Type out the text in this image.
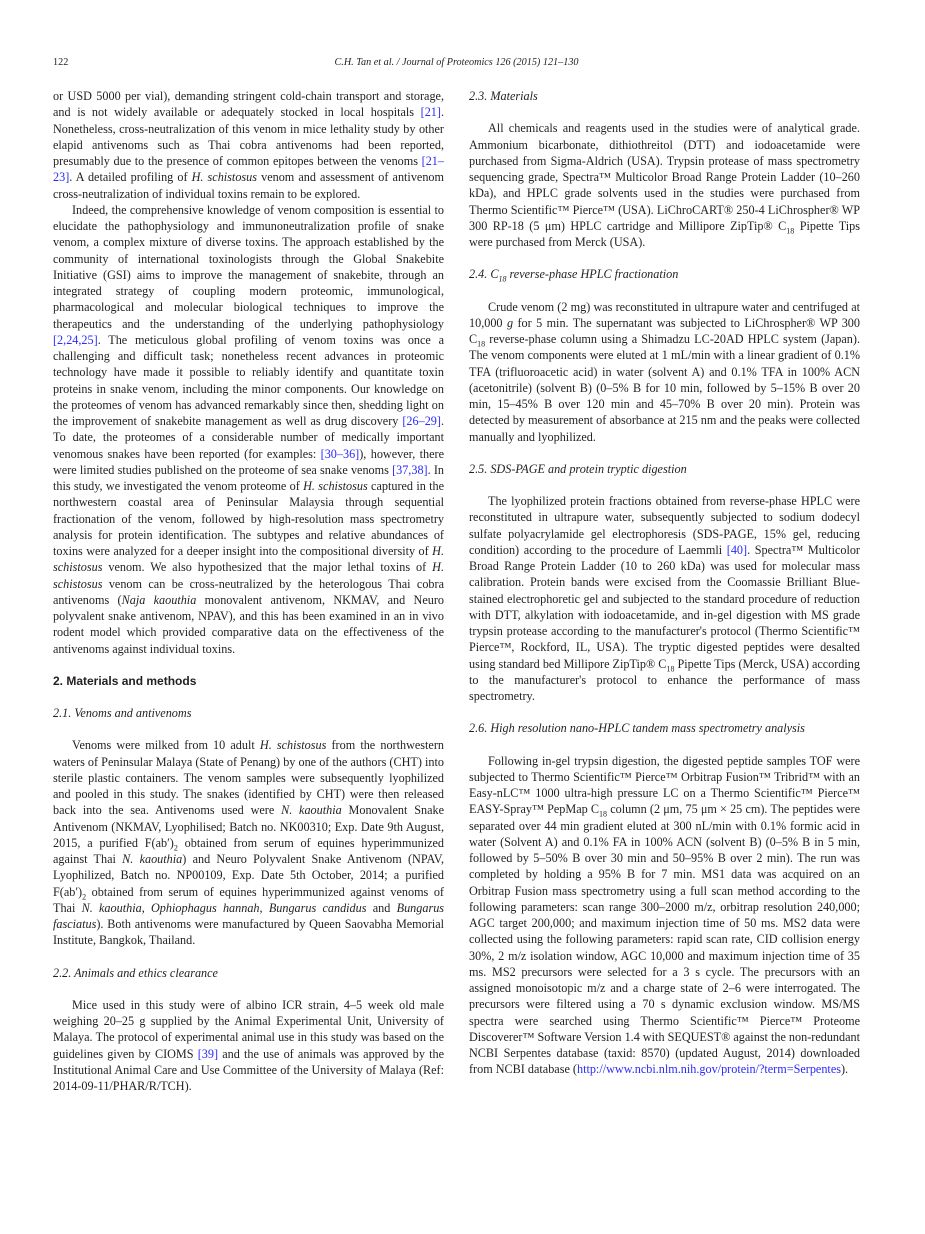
122	C.H. Tan et al. / Journal of Proteomics 126 (2015) 121–130

or USD 5000 per vial), demanding stringent cold-chain transport and storage, and is not widely available or adequately stocked in local hospitals [21]. Nonetheless, cross-neutralization of this venom in mice lethality study by other elapid antivenoms such as Thai cobra antivenoms had been reported, presumably due to the presence of common epitopes between the venoms [21–23]. A detailed profiling of H. schistosus venom and assessment of antivenom cross-neutralization of individual toxins remain to be explored.

Indeed, the comprehensive knowledge of venom composition is essential to elucidate the pathophysiology and immunoneutralization profile of snake venom, a complex mixture of diverse toxins. The approach established by the community of international toxinologists through the Global Snakebite Initiative (GSI) aims to improve the management of snakebite, through an integrated strategy of coupling modern proteomic, immunological, pharmacological and molecular biological techniques to improve the therapeutics and the understanding of the underlying pathophysiology [2,24,25]. The meticulous global profiling of venom toxins was once a challenging and difficult task; nonetheless recent advances in proteomic technology have made it possible to reliably identify and quantitate toxin proteins in snake venom, including the minor components. Our knowledge on the proteomes of venom has advanced remarkably since then, shedding light on the improvement of snakebite management as well as drug discovery [26–29]. To date, the proteomes of a considerable number of medically important venomous snakes have been reported (for examples: [30–36]), however, there were limited studies published on the proteome of sea snake venoms [37,38]. In this study, we investigated the venom proteome of H. schistosus captured in the northwestern coastal area of Peninsular Malaysia through sequential fractionation of the venom, followed by high-resolution mass spectrometry analysis for protein identification. The subtypes and relative abundances of toxins were analyzed for a deeper insight into the compositional diversity of H. schistosus venom. We also hypothesized that the major lethal toxins of H. schistosus venom can be cross-neutralized by the heterologous Thai cobra antivenoms (Naja kaouthia monovalent antivenom, NKMAV, and Neuro polyvalent snake antivenom, NPAV), and this has been examined in an in vivo rodent model which provided comparative data on the effectiveness of the antivenoms against individual toxins.

2. Materials and methods
2.1. Venoms and antivenoms

Venoms were milked from 10 adult H. schistosus from the northwestern waters of Peninsular Malaya (State of Penang) by one of the authors (CHT) into sterile plastic containers. The venom samples were subsequently lyophilized and pooled in this study. The snakes (identified by CHT) were then released back into the sea. Antivenoms used were N. kaouthia Monovalent Snake Antivenom (NKMAV, Lyophilised; Batch no. NK00310; Exp. Date 9th August, 2015, a purified $F(ab')_2$ obtained from serum of equines hyperimmunized against Thai N. kaouthia) and Neuro Polyvalent Snake Antivenom (NPAV, Lyophilized, Batch no. NP00109, Exp. Date 5th October, 2014; a purified $F(ab')_2$ obtained from serum of equines hyperimmunized against venoms of Thai N. kaouthia, Ophiophagus hannah, Bungarus candidus and Bungarus fasciatus). Both antivenoms were manufactured by Queen Saovabha Memorial Institute, Bangkok, Thailand.

2.2. Animals and ethics clearance

Mice used in this study were of albino ICR strain, 4–5 week old male weighing 20–25 g supplied by the Animal Experimental Unit, University of Malaya. The protocol of experimental animal use in this study was based on the guidelines given by CIOMS [39] and the use of animals was approved by the Institutional Animal Care and Use Committee of the University of Malaya (Ref: 2014-09-11/PHAR/R/TCH).

2.3. Materials

All chemicals and reagents used in the studies were of analytical grade. Ammonium bicarbonate, dithiothreitol (DTT) and iodoacetamide were purchased from Sigma-Aldrich (USA). Trypsin protease of mass spectrometry sequencing grade, Spectra™ Multicolor Broad Range Protein Ladder (10–260 kDa), and HPLC grade solvents used in the studies were purchased from Thermo Scientific™ Pierce™ (USA). LiChroCART® 250-4 LiChrospher® WP 300 RP-18 (5 μm) HPLC cartridge and Millipore ZipTip® $C_{18}$ Pipette Tips were purchased from Merck (USA).

2.4. $C_{18}$ reverse-phase HPLC fractionation

Crude venom (2 mg) was reconstituted in ultrapure water and centrifuged at 10,000 g for 5 min. The supernatant was subjected to LiChrospher® WP 300 $C_{18}$ reverse-phase column using a Shimadzu LC-20AD HPLC system (Japan). The venom components were eluted at 1 mL/min with a linear gradient of 0.1% TFA (trifluoroacetic acid) in water (solvent A) and 0.1% TFA in 100% ACN (acetonitrile) (solvent B) (0–5% B for 10 min, followed by 5–15% B over 20 min, 15–45% B over 120 min and 45–70% B over 20 min). Protein was detected by measurement of absorbance at 215 nm and the peaks were collected manually and lyophilized.

2.5. SDS-PAGE and protein tryptic digestion

The lyophilized protein fractions obtained from reverse-phase HPLC were reconstituted in ultrapure water, subsequently subjected to sodium dodecyl sulfate polyacrylamide gel electrophoresis (SDS-PAGE, 15% gel, reducing condition) according to the procedure of Laemmli [40]. Spectra™ Multicolor Broad Range Protein Ladder (10 to 260 kDa) was used for molecular mass calibration. Protein bands were excised from the Coomassie Brilliant Blue-stained electrophoretic gel and subjected to the standard procedure of reduction with DTT, alkylation with iodoacetamide, and in-gel digestion with MS grade trypsin protease according to the manufacturer's protocol (Thermo Scientific™ Pierce™, Rockford, IL, USA). The tryptic digested peptides were desalted using standard bed Millipore ZipTip® $C_{18}$ Pipette Tips (Merck, USA) according to the manufacturer's protocol to enhance the performance of mass spectrometry.

2.6. High resolution nano-HPLC tandem mass spectrometry analysis

Following in-gel trypsin digestion, the digested peptide samples TOF were subjected to Thermo Scientific™ Pierce™ Orbitrap Fusion™ Tribrid™ with an Easy-nLC™ 1000 ultra-high pressure LC on a Thermo Scientific™ Pierce™ EASY-Spray™ PepMap $C_{18}$ column (2 μm, 75 μm × 25 cm). The peptides were separated over 44 min gradient eluted at 300 nL/min with 0.1% formic acid in water (Solvent A) and 0.1% FA in 100% ACN (solvent B) (0–5% B in 5 min, followed by 5–50% B over 30 min and 50–95% B over 2 min). The run was completed by holding a 95% B for 7 min. MS1 data was acquired on an Orbitrap Fusion mass spectrometry using a full scan method according to the following parameters: scan range 300–2000 m/z, orbitrap resolution 240,000; AGC target 200,000; and maximum injection time of 50 ms. MS2 data were collected using the following parameters: rapid scan rate, CID collision energy 30%, 2 m/z isolation window, AGC 10,000 and maximum injection time of 35 ms. MS2 precursors were selected for a 3 s cycle. The precursors with an assigned monoisotopic m/z and a charge state of 2–6 were interrogated. The precursors were filtered using a 70 s dynamic exclusion window. MS/MS spectra were searched using Thermo Scientific™ Pierce™ Proteome Discoverer™ Software Version 1.4 with SEQUEST® against the non-redundant NCBI Serpentes database (taxid: 8570) (updated August, 2014) downloaded from NCBI database (http://www.ncbi.nlm.nih.gov/protein/?term=Serpentes).
